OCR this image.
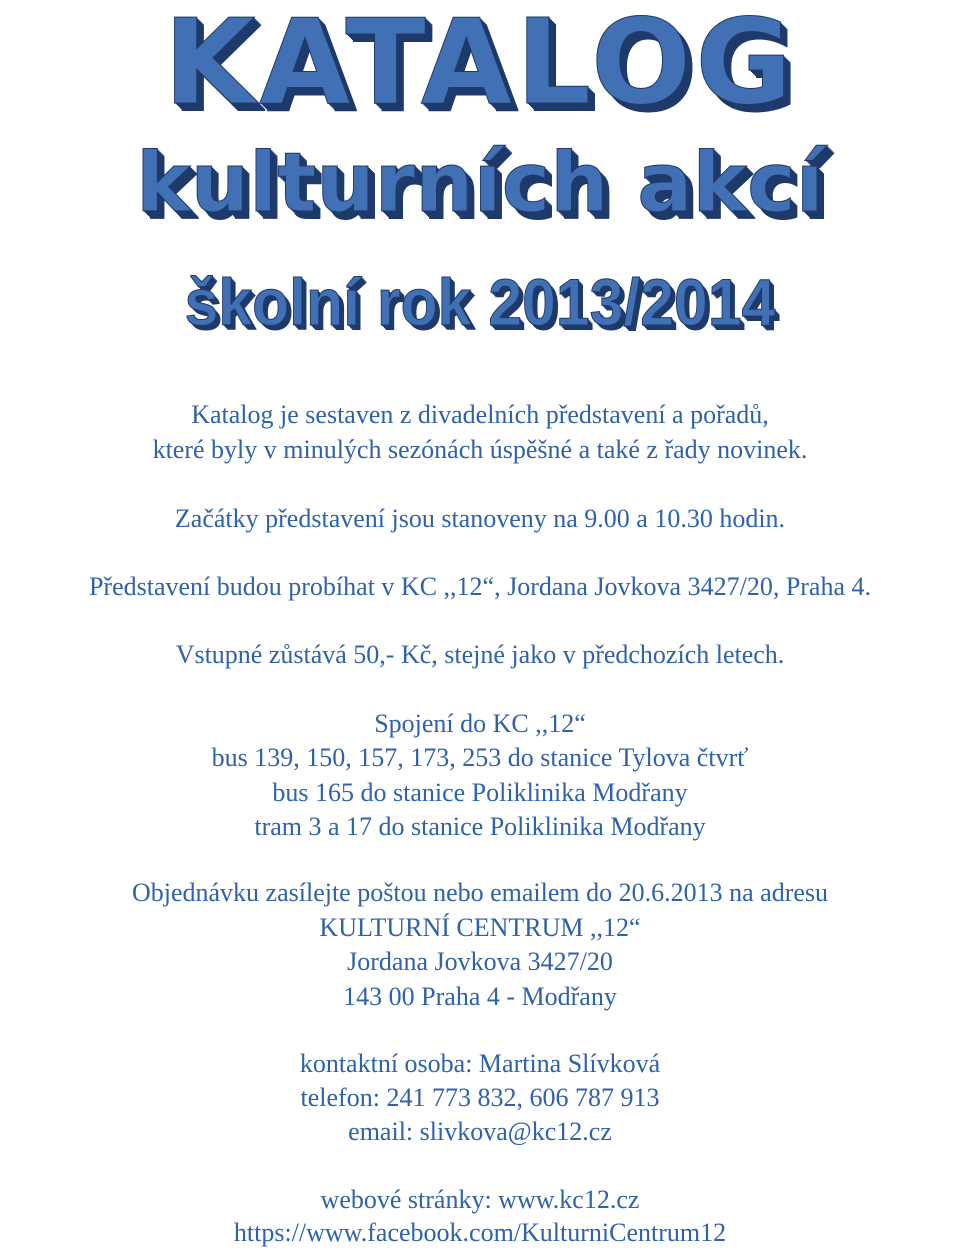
KATALOG
kulturních akcí
školní rok 2013/2014

Katalog je sestaven z divadelních představení a pořadů,

které byly v minulých sezónách úspěšné a také z řady novinek.

Začátky představení jsou stanoveny na 9.00 a 10.30 hodin.

Představení budou probíhat v KC ,,12“, Jordana Jovkova 3427/20, Praha 4.

Vstupné zůstává 50,- Kč, stejné jako v předchozích letech.

Spojení do KC ,,12“

bus 139, 150, 157, 173, 253 do stanice Tylova čtvrť

bus 165 do stanice Poliklinika Modřany

tram 3 a 17 do stanice Poliklinika Modřany

Objednávku zasílejte poštou nebo emailem do 20.6.2013 na adresu

KULTURNÍ CENTRUM ,,12“

Jordana Jovkova 3427/20

143 00 Praha 4 - Modřany

kontaktní osoba: Martina Slívková

telefon: 241 773 832, 606 787 913

email: slivkova@kc12.cz

webové stránky: www.kc12.cz

https://www.facebook.com/KulturniCentrum12
